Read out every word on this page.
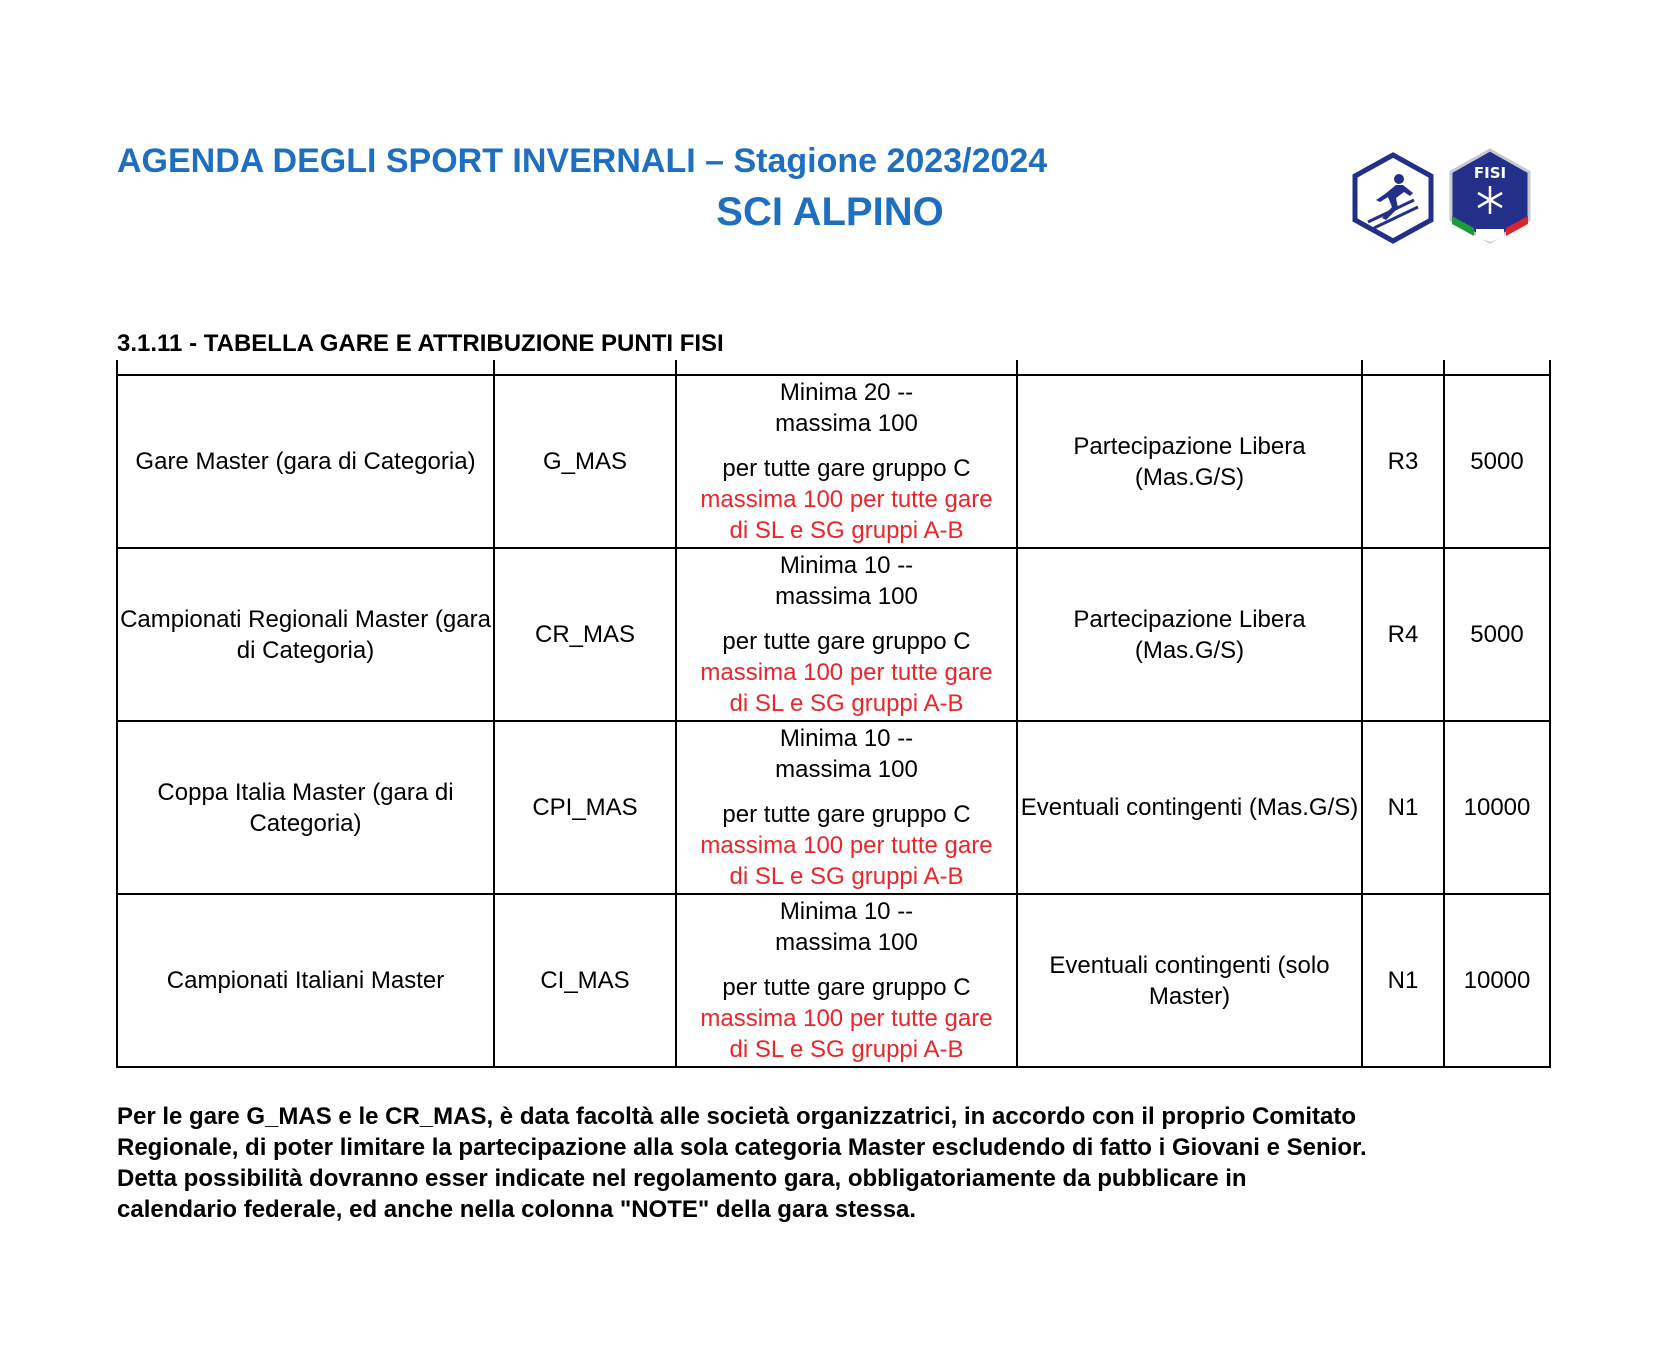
AGENDA DEGLI SPORT INVERNALI – Stagione 2023/2024
SCI ALPINO
FISI
3.1.11 - TABELLA GARE E ATTRIBUZIONE PUNTI FISI

Gare Master (gara di Categoria)	G_MAS	Minima 20 --
massima 100
per tutte gare gruppo C
massima 100 per tutte gare
di SL e SG gruppi A-B	Partecipazione Libera (Mas.G/S)	R3	5000
Campionati Regionali Master (gara di Categoria)	CR_MAS	Minima 10 --
massima 100
per tutte gare gruppo C
massima 100 per tutte gare
di SL e SG gruppi A-B	Partecipazione Libera (Mas.G/S)	R4	5000
Coppa Italia Master (gara di Categoria)	CPI_MAS	Minima 10 --
massima 100
per tutte gare gruppo C
massima 100 per tutte gare
di SL e SG gruppi A-B	Eventuali contingenti (Mas.G/S)	N1	10000
Campionati Italiani Master	CI_MAS	Minima 10 --
massima 100
per tutte gare gruppo C
massima 100 per tutte gare
di SL e SG gruppi A-B	Eventuali contingenti (solo Master)	N1	10000
Per le gare G_MAS e le CR_MAS, è data facoltà alle società organizzatrici, in accordo con il proprio Comitato
Regionale, di poter limitare la partecipazione alla sola categoria Master escludendo di fatto i Giovani e Senior.
Detta possibilità dovranno esser indicate nel regolamento gara, obbligatoriamente da pubblicare in
calendario federale, ed anche nella colonna "NOTE" della gara stessa.
